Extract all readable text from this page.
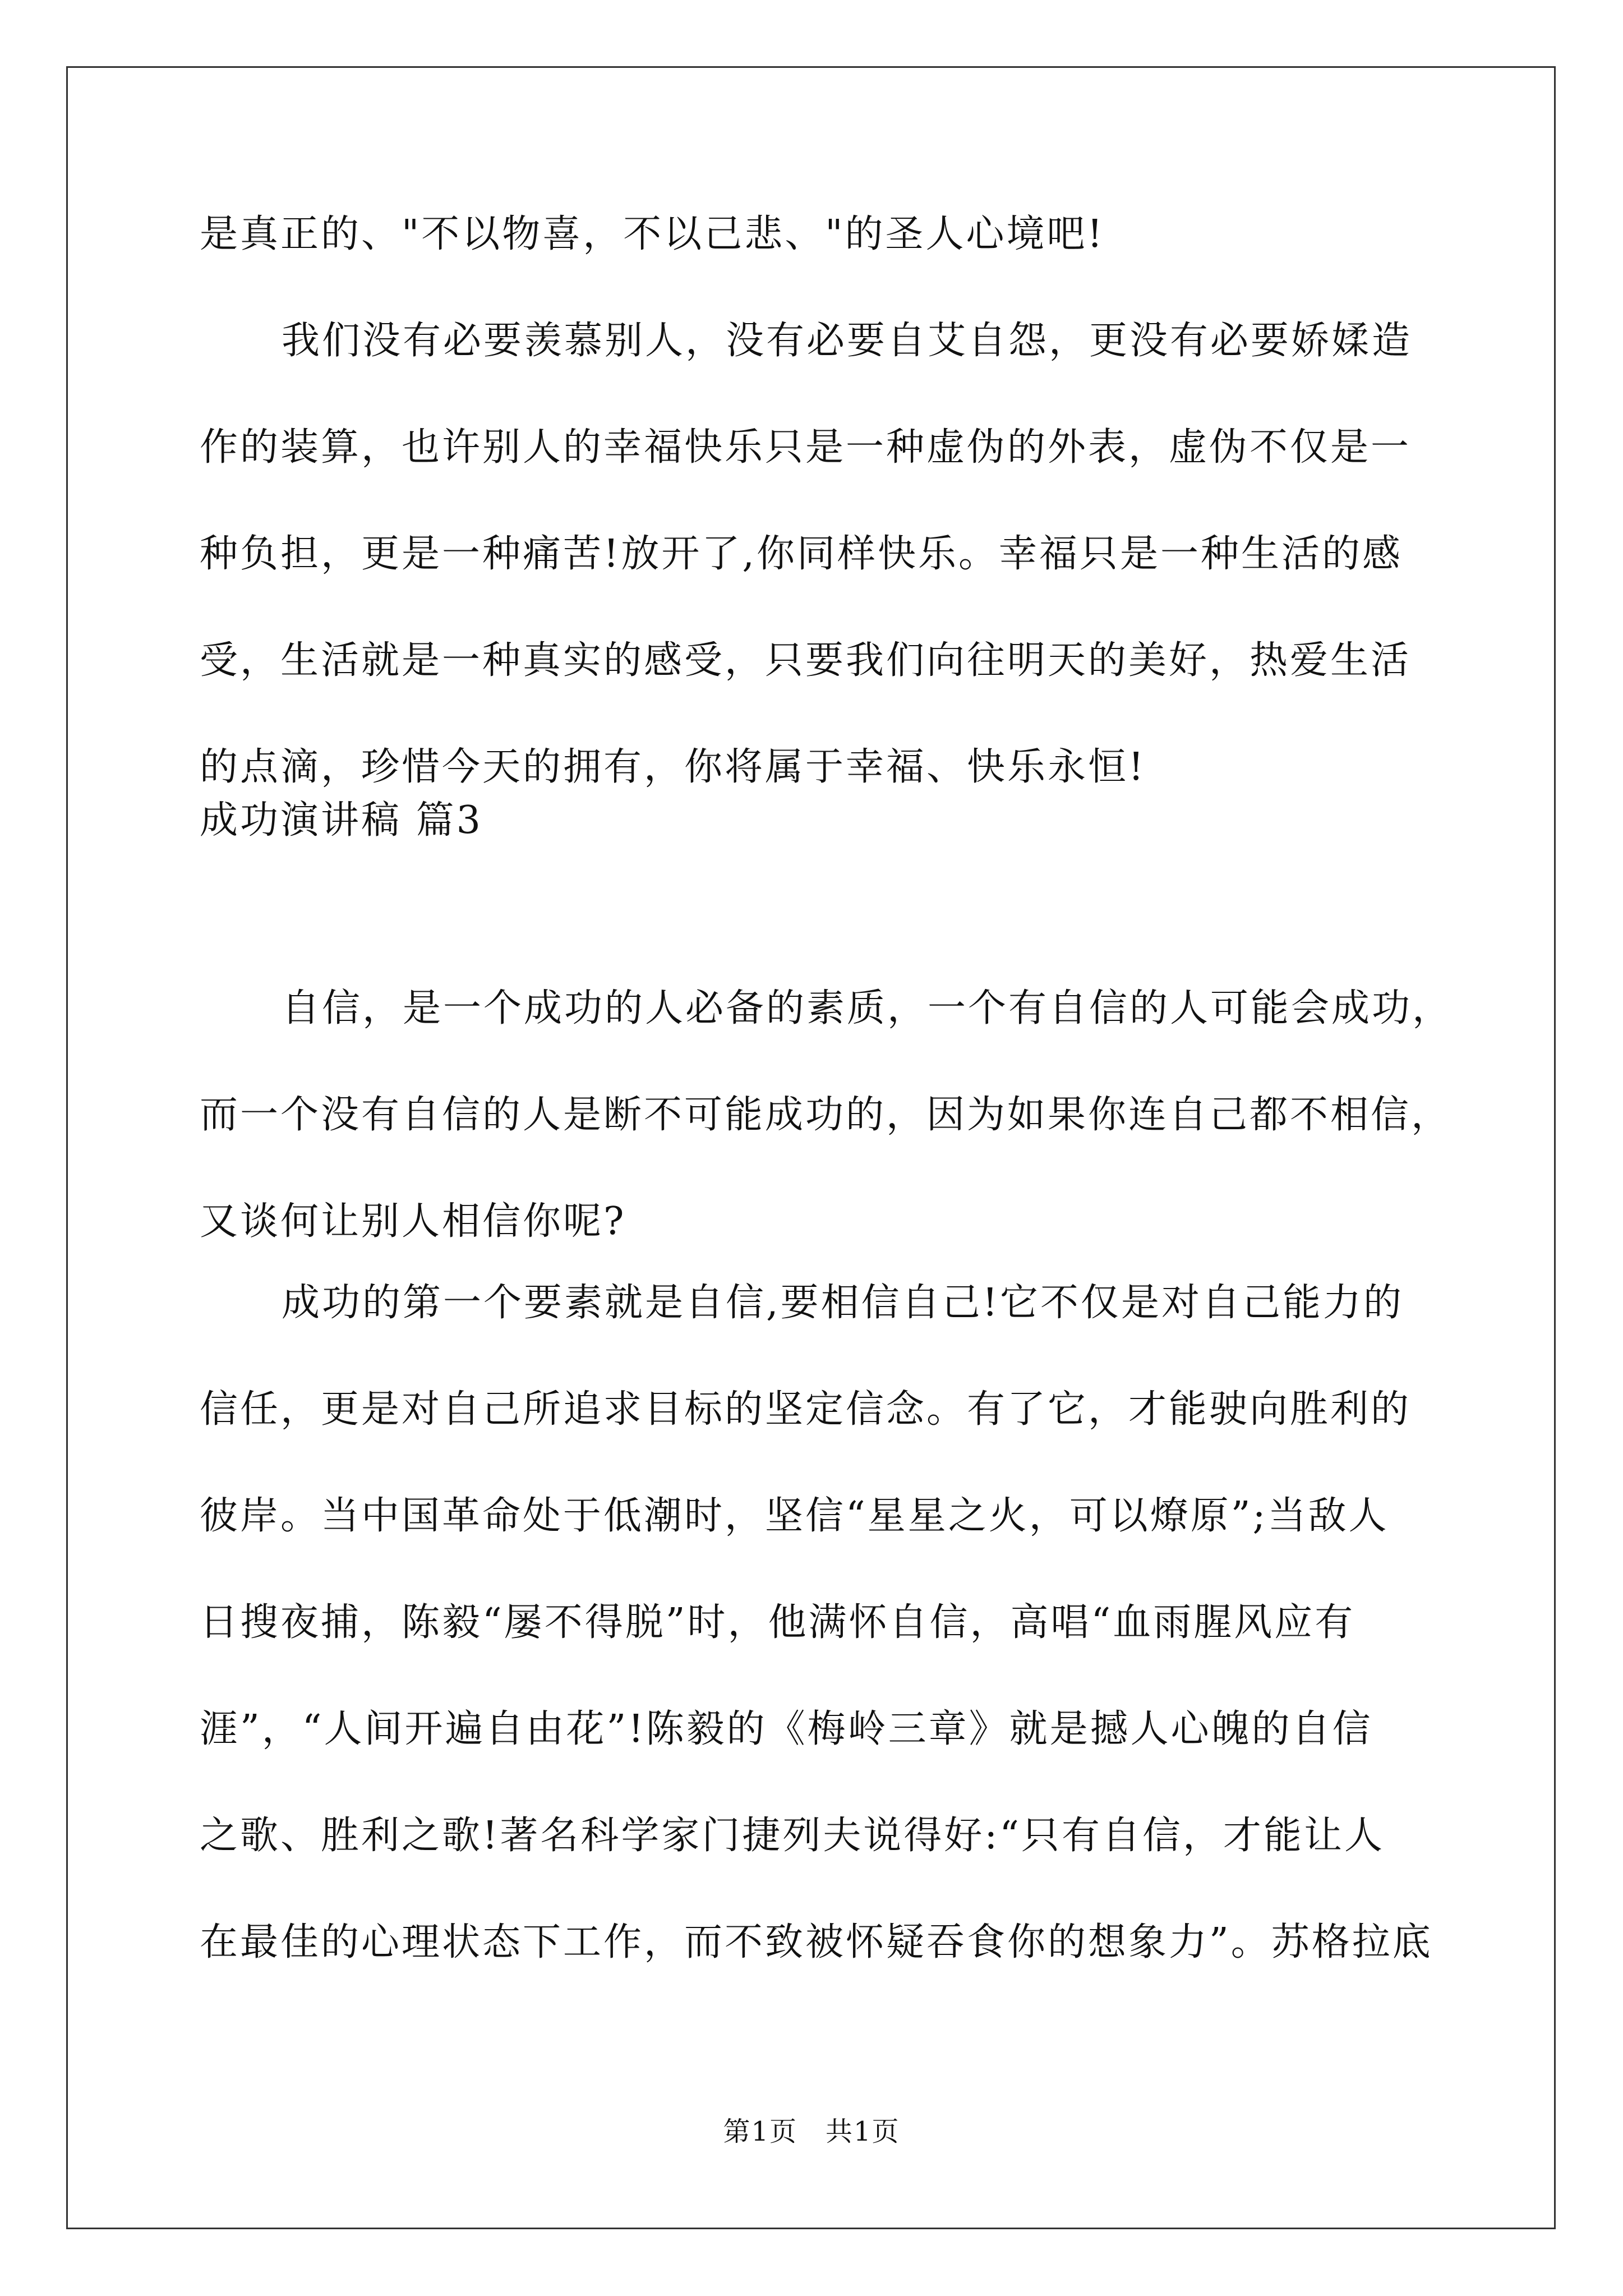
是真正的、"不以物喜，不以己悲、"的圣人心境吧!
我们没有必要羡慕别人，没有必要自艾自怨，更没有必要娇媃造
作的装算，也许别人的幸福快乐只是一种虚伪的外表，虚伪不仅是一
种负担，更是一种痛苦!放开了,你同样快乐。幸福只是一种生活的感
受，生活就是一种真实的感受，只要我们向往明天的美好，热爱生活
的点滴，珍惜今天的拥有，你将属于幸福、快乐永恒!
成功演讲稿 篇3
自信，是一个成功的人必备的素质，一个有自信的人可能会成功，
而一个没有自信的人是断不可能成功的，因为如果你连自己都不相信，
又谈何让别人相信你呢?
成功的第一个要素就是自信,要相信自己!它不仅是对自己能力的
信任，更是对自己所追求目标的坚定信念。有了它，才能驶向胜利的
彼岸。当中国革命处于低潮时，坚信“星星之火，可以燎原”;当敌人
日搜夜捕，陈毅“屡不得脱”时，他满怀自信，高唱“血雨腥风应有
涯”，“人间开遍自由花”!陈毅的《梅岭三章》就是撼人心魄的自信
之歌、胜利之歌!著名科学家门捷列夫说得好:“只有自信，才能让人
在最佳的心理状态下工作，而不致被怀疑吞食你的想象力”。苏格拉底
第1页　共1页
